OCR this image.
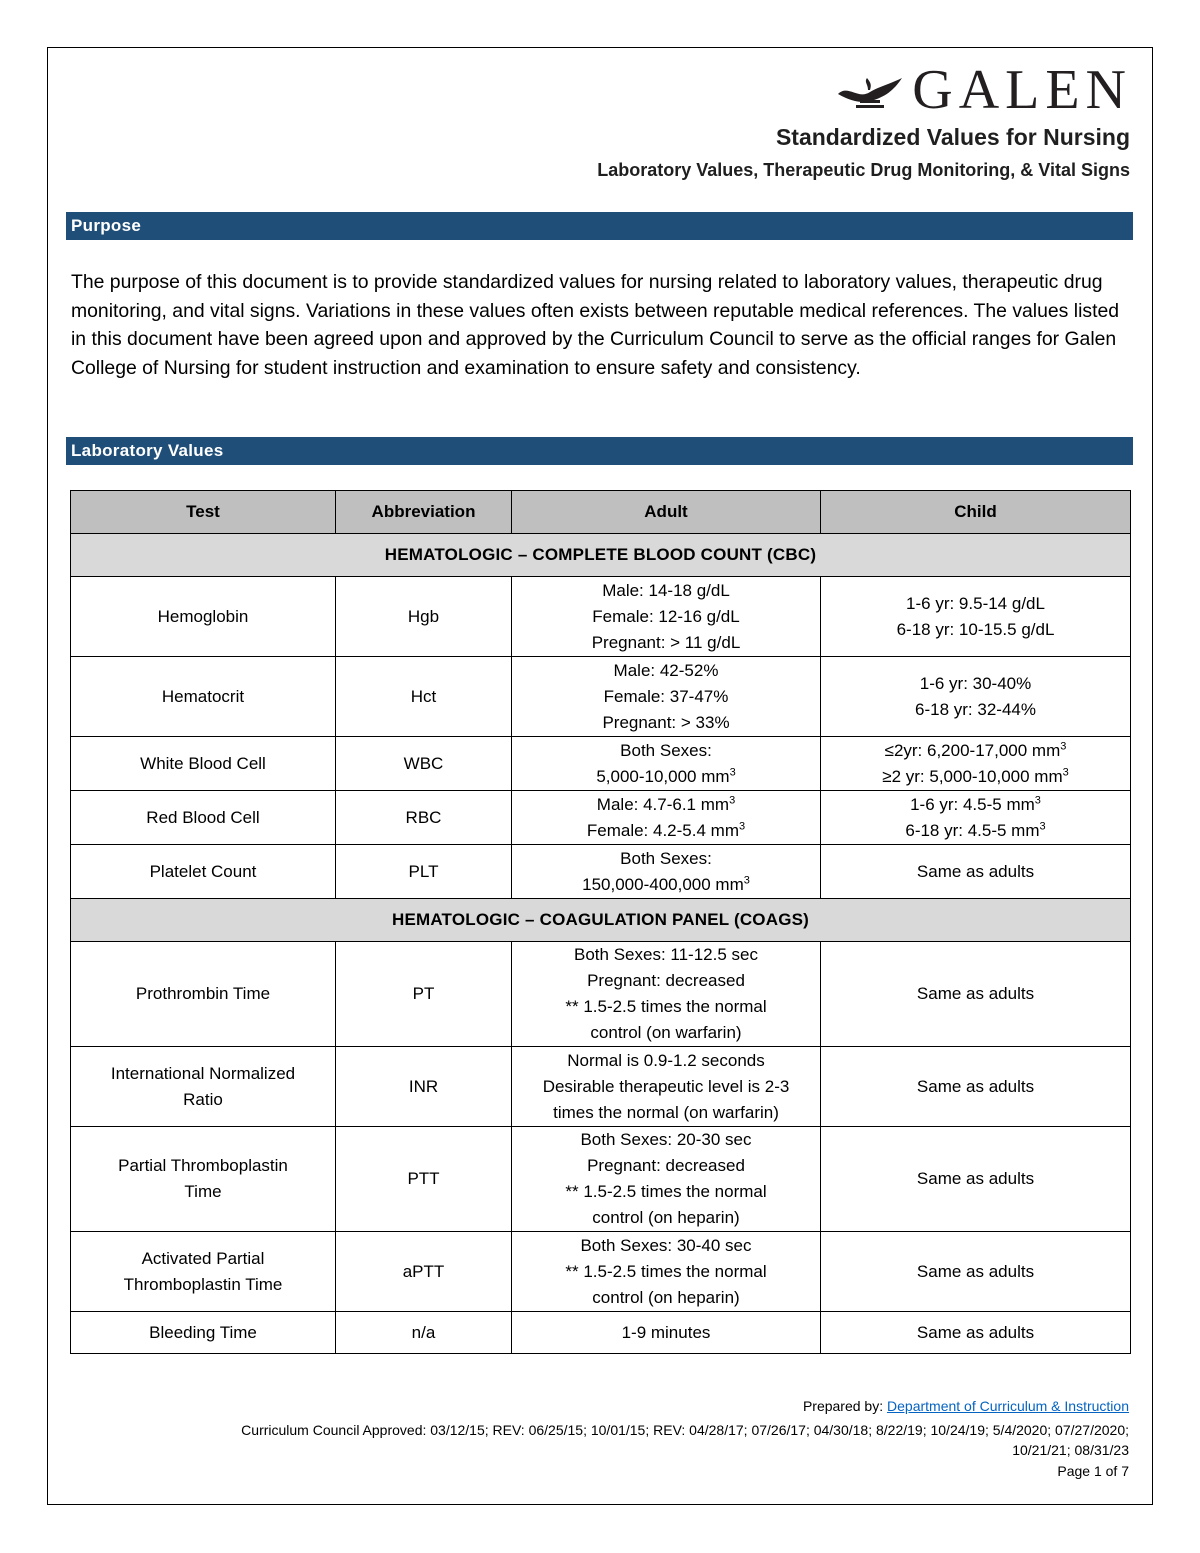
GALEN
Standardized Values for Nursing
Laboratory Values, Therapeutic Drug Monitoring, & Vital Signs
Purpose
The purpose of this document is to provide standardized values for nursing related to laboratory values, therapeutic drug monitoring, and vital signs. Variations in these values often exists between reputable medical references. The values listed in this document have been agreed upon and approved by the Curriculum Council to serve as the official ranges for Galen College of Nursing for student instruction and examination to ensure safety and consistency.
Laboratory Values
Test	Abbreviation	Adult	Child
HEMATOLOGIC – COMPLETE BLOOD COUNT (CBC)			
Hemoglobin	Hgb	Male: 14-18 g/dL
Female: 12-16 g/dL
Pregnant: > 11 g/dL	1-6 yr: 9.5-14 g/dL
6-18 yr: 10-15.5 g/dL
Hematocrit	Hct	Male: 42-52%
Female: 37-47%
Pregnant: > 33%	1-6 yr: 30-40%
6-18 yr: 32-44%
White Blood Cell	WBC	Both Sexes:
5,000-10,000 $mm^3$	≤2yr: 6,200-17,000 $mm^3$
≥2 yr: 5,000-10,000 $mm^3$
Red Blood Cell	RBC	Male: 4.7-6.1 $mm^3$
Female: 4.2-5.4 $mm^3$	1-6 yr: 4.5-5 $mm^3$
6-18 yr: 4.5-5 $mm^3$
Platelet Count	PLT	Both Sexes:
150,000-400,000 $mm^3$	Same as adults
HEMATOLOGIC – COAGULATION PANEL (COAGS)			
Prothrombin Time	PT	Both Sexes: 11-12.5 sec
Pregnant: decreased
** 1.5-2.5 times the normal
control (on warfarin)	Same as adults
International Normalized
Ratio	INR	Normal is 0.9-1.2 seconds
Desirable therapeutic level is 2-3
times the normal (on warfarin)	Same as adults
Partial Thromboplastin
Time	PTT	Both Sexes: 20-30 sec
Pregnant: decreased
** 1.5-2.5 times the normal
control (on heparin)	Same as adults
Activated Partial
Thromboplastin Time	aPTT	Both Sexes: 30-40 sec
** 1.5-2.5 times the normal
control (on heparin)	Same as adults
Bleeding Time	n/a	1-9 minutes	Same as adults
Prepared by: Department of Curriculum & Instruction
Curriculum Council Approved: 03/12/15; REV: 06/25/15; 10/01/15; REV: 04/28/17; 07/26/17; 04/30/18; 8/22/19; 10/24/19; 5/4/2020; 07/27/2020;
10/21/21; 08/31/23
Page 1 of 7
